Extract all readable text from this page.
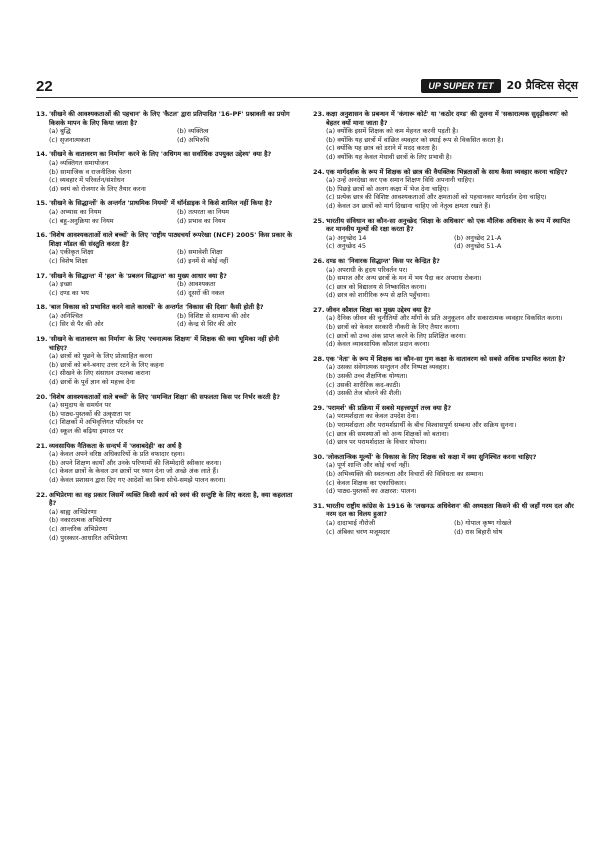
22	UP SUPER TET	20 प्रैक्टिस सेट्स
13. 'सीखने की आवश्यकताओं की पहचान' के लिए 'कैटल' द्वारा प्रतिपादित '16-PF' प्रश्नावली का प्रयोग किसके मापन के लिए किया जाता है?
(a) बुद्धि	(b) व्यक्तित्व
(c) सृजनात्मकता	(d) अभिरुचि
14. 'सीखने के वातावरण का निर्माण' करने के लिए 'अधिगम का सर्वाधिक उपयुक्त उद्देश्य' क्या है?
(a) व्यक्तिगत समायोजन
(b) सामाजिक व राजनीतिक चेतना
(c) व्यवहार में परिवर्तन/संशोधन
(d) स्वयं को रोजगार के लिए तैयार करना
15. 'सीखने के सिद्धान्तों' के अन्तर्गत 'प्राथमिक नियमों' में थॉर्नडाइक ने किसे शामिल नहीं किया है?
(a) अभ्यास का नियम	(b) तत्परता का नियम
(c) बहु-अनुक्रिया का नियम	(d) प्रभाव का नियम
16. 'विशेष आवश्यकताओं वाले बच्चों' के लिए 'राष्ट्रीय पाठ्यचर्या रूपरेखा (NCF) 2005' किस प्रकार के शिक्षा मॉडल की संस्तुति करता है?
(a) एकीकृत शिक्षा	(b) समावेशी शिक्षा
(c) विशेष शिक्षा	(d) इनमें से कोई नहीं
17. 'सीखने के सिद्धान्त' में 'हल' के 'प्रबलन सिद्धान्त' का मुख्य आधार क्या है?
(a) इच्छा	(b) आवश्यकता
(c) दण्ड का भय	(d) दूसरों की नकल
18. 'बाल विकास को प्रभावित करने वाले कारकों' के अन्तर्गत 'विकास की दिशा' कैसी होती है?
(a) अनिश्चित	(b) विशिष्ट से सामान्य की ओर
(c) सिर से पैर की ओर	(d) केन्द्र से सिर की ओर
19. 'सीखने के वातावरण का निर्माण' के लिए 'रचनात्मक शिक्षण' में शिक्षक की क्या भूमिका नहीं होनी चाहिए?
(a) छात्रों को पूछने के लिए प्रोत्साहित करना
(b) छात्रों को बने-बनाए उत्तर रटने के लिए कहना
(c) सीखने के लिए संसाधन उपलब्ध कराना
(d) छात्रों के पूर्व ज्ञान को महत्त्व देना
20. 'विशेष आवश्यकताओं वाले बच्चों' के लिए 'समन्वित शिक्षा' की सफलता किस पर निर्भर करती है?
(a) समुदाय के समर्थन पर
(b) पाठ्य-पुस्तकों की उत्कृष्टता पर
(c) शिक्षकों में अभिवृत्तिगत परिवर्तन पर
(d) स्कूल की बढ़िया इमारत पर
21. व्यवसायिक नैतिकता के सन्दर्भ में 'जवाबदेही' का अर्थ है
(a) केवल अपने वरिष्ठ अधिकारियों के प्रति वफादार रहना।
(b) अपने शिक्षण कार्यों और उनके परिणामों की जिम्मेदारी स्वीकार करना।
(c) केवल छात्रों के केवल उन छात्रों पर ध्यान देना जो अच्छे अंक लाते हैं।
(d) केवल प्रशासन द्वारा दिए गए आदेशों का बिना सोचे-समझे पालन करना।
22. अभिप्रेरणा का वह प्रकार जिसमें व्यक्ति किसी कार्य को स्वयं की सन्तुष्टि के लिए करता है, क्या कहलाता है?
(a) बाह्य अभिप्रेरणा
(b) नकारात्मक अभिप्रेरणा
(c) आन्तरिक अभिप्रेरणा
(d) पुरस्कार-आधारित अभिप्रेरणा
23. कक्षा अनुशासन के प्रबन्धन में 'कंगारू कोर्ट' या 'कठोर दण्ड' की तुलना में 'सकारात्मक सुदृढ़ीकरण' को बेहतर क्यों माना जाता है?
(a) क्योंकि इसमें शिक्षक को कम मेहनत करनी पड़ती है।
(b) क्योंकि यह छात्रों में वांछित व्यवहार को स्थाई रूप से विकसित करता है।
(c) क्योंकि यह छात्र को डराने में मदद करता है।
(d) क्योंकि यह केवल मेधावी छात्रों के लिए प्रभावी है।
24. एक मार्गदर्शक के रूप में शिक्षक को छात्र की वैयक्तिक भिन्नताओं के साथ कैसा व्यवहार करना चाहिए?
(a) उन्हें अनदेखा कर एक समान शिक्षण विधि अपनानी चाहिए।
(b) पिछड़े छात्रों को अलग कक्षा में भेज देना चाहिए।
(c) प्रत्येक छात्र की विशिष्ट आवश्यकताओं और क्षमताओं को पहचानकर मार्गदर्शन देना चाहिए।
(d) केवल उन छात्रों को मार्ग दिखाना चाहिए जो नेतृत्व क्षमता रखते हैं।
25. भारतीय संविधान का कौन-सा अनुच्छेद 'शिक्षा के अधिकार' को एक मौलिक अधिकार के रूप में स्थापित कर मानवीय मूल्यों की रक्षा करता है?
(a) अनुच्छेद 14	(b) अनुच्छेद 21-A
(c) अनुच्छेद 45	(d) अनुच्छेद 51-A
26. दण्ड का 'निवारक सिद्धान्त' किस पर केन्द्रित है?
(a) अपराधी के हृदय परिवर्तन पर।
(b) समाज और अन्य छात्रों के मन में भय पैदा कर अपराध रोकना।
(c) छात्र को विद्यालय से निष्कासित करना।
(d) छात्र को शारीरिक रूप से क्षति पहुँचाना।
27. जीवन कौशल शिक्षा का मुख्य उद्देश्य क्या है?
(a) दैनिक जीवन की चुनौतियों और माँगों के प्रति अनुकूलन और सकारात्मक व्यवहार विकसित करना।
(b) छात्रों को केवल सरकारी नौकरी के लिए तैयार करना।
(c) छात्रों को उच्च अंक प्राप्त करने के लिए प्रशिक्षित करना।
(d) केवल व्यावसायिक कौशल प्रदान करना।
28. एक 'नेता' के रूप में शिक्षक का कौन-सा गुण कक्षा के वातावरण को सबसे अधिक प्रभावित करता है?
(a) उसका संवेगात्मक सन्तुलन और निष्पक्ष व्यवहार।
(b) उसकी उच्च शैक्षणिक योग्यता।
(c) उसकी शारीरिक कद-काठी।
(d) उसकी तेज बोलने की शैली।
29. 'परामर्श' की प्रक्रिया में सबसे महत्त्वपूर्ण तत्त्व क्या है?
(a) परामर्शदाता का केवल उपदेश देना।
(b) परामर्शदाता और परामर्शप्रार्थी के बीच विश्वासपूर्ण सम्बन्ध और सक्रिय सुनना।
(c) छात्र की समस्याओं को अन्य शिक्षकों को बताना।
(d) छात्र पर परामर्शदाता के विचार थोपना।
30. 'लोकतान्त्रिक मूल्यों' के विकास के लिए शिक्षक को कक्षा में क्या सुनिश्चित करना चाहिए?
(a) पूर्ण शान्ति और कोई चर्चा नहीं।
(b) अभिव्यक्ति की स्वतन्त्रता और विचारों की विविधता का सम्मान।
(c) केवल शिक्षक का एकाधिकार।
(d) पाठ्य-पुस्तकों का अक्षरश: पालन।
31. भारतीय राष्ट्रीय कांग्रेस के 1916 के 'लखनऊ अधिवेशन' की अध्यक्षता किसने की थी जहाँ गरम दल और नरम दल का विलय हुआ?
(a) दादाभाई नौरोजी	(b) गोपाल कृष्ण गोखले
(c) अंबिका चरण मजूमदार	(d) रास बिहारी घोष
